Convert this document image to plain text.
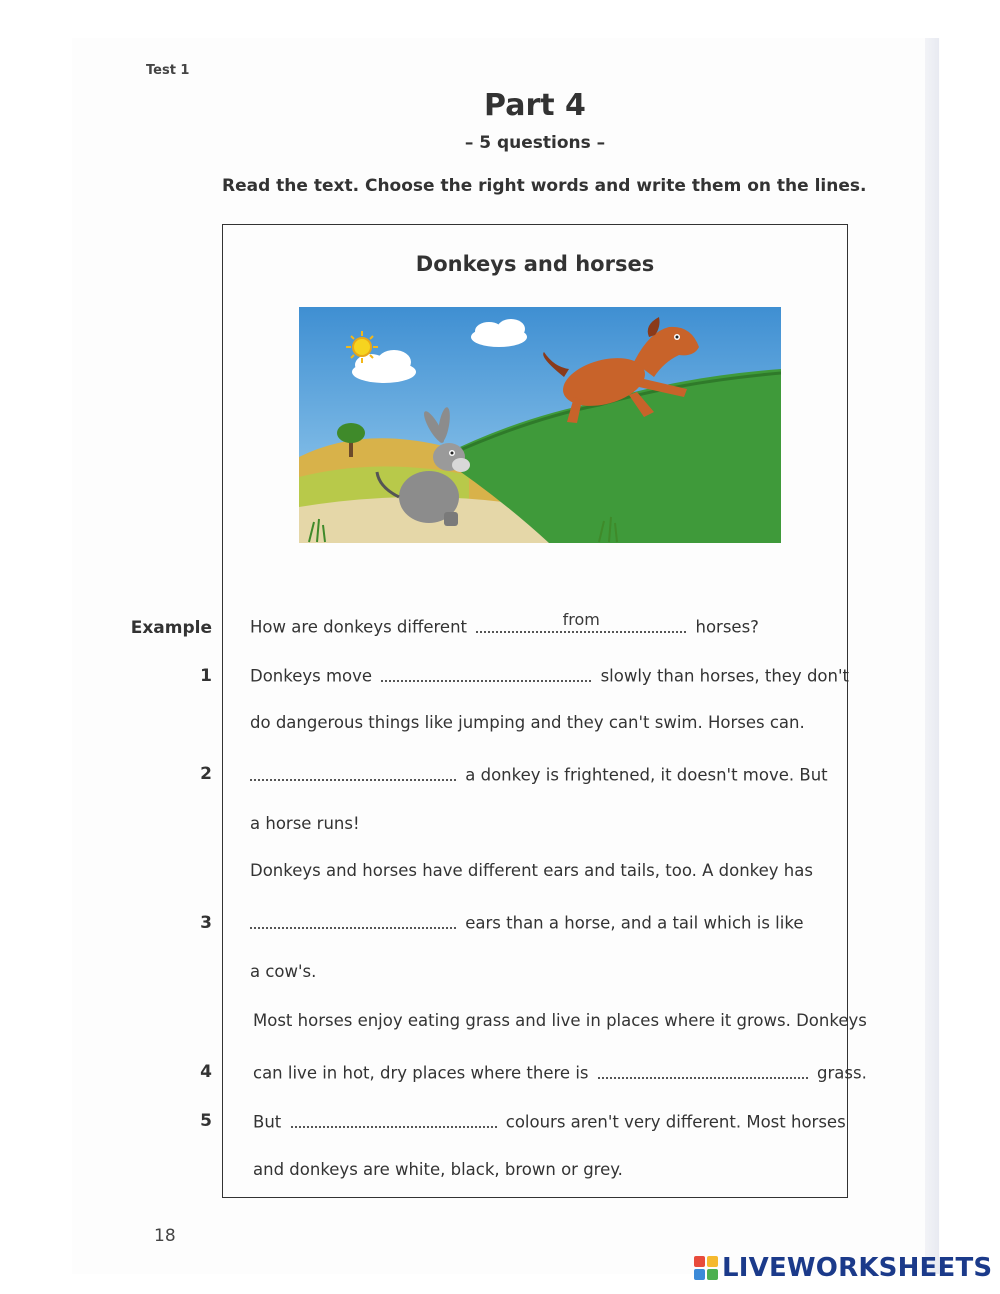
Test 1
Part 4
– 5 questions –
Read the text. Choose the right words and write them on the lines.
Donkeys and horses
Example How are donkeys different	from	horses?
1 Donkeys move	slowly than horses, they don't
do dangerous things like jumping and they can't swim. Horses can.
2	a donkey is frightened, it doesn't move. But
a horse runs!
Donkeys and horses have different ears and tails, too. A donkey has
3	ears than a horse, and a tail which is like
a cow's.
Most horses enjoy eating grass and live in places where it grows. Donkeys
4 can live in hot, dry places where there is	grass.
5 But	colours aren't very different. Most horses
and donkeys are white, black, brown or grey.
18
LIVEWORKSHEETS
